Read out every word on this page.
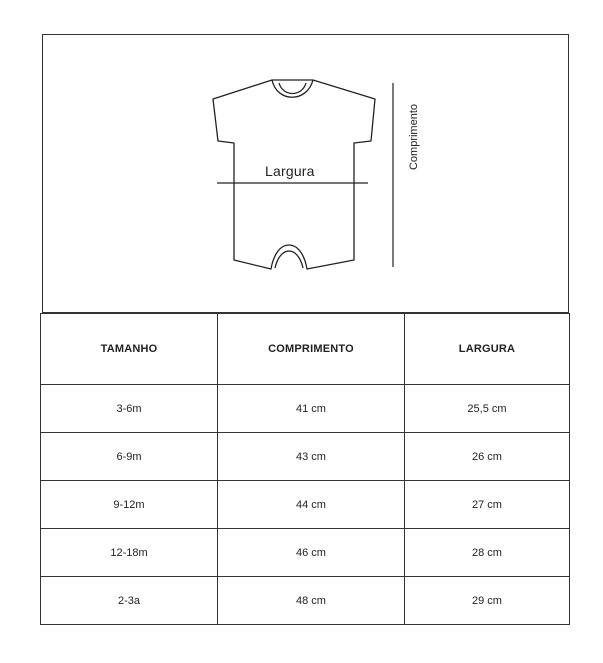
Largura
Comprimento
TAMANHO	COMPRIMENTO	LARGURA
3-6m	41 cm	25,5 cm
6-9m	43 cm	26 cm
9-12m	44 cm	27 cm
12-18m	46 cm	28 cm
2-3a	48 cm	29 cm
